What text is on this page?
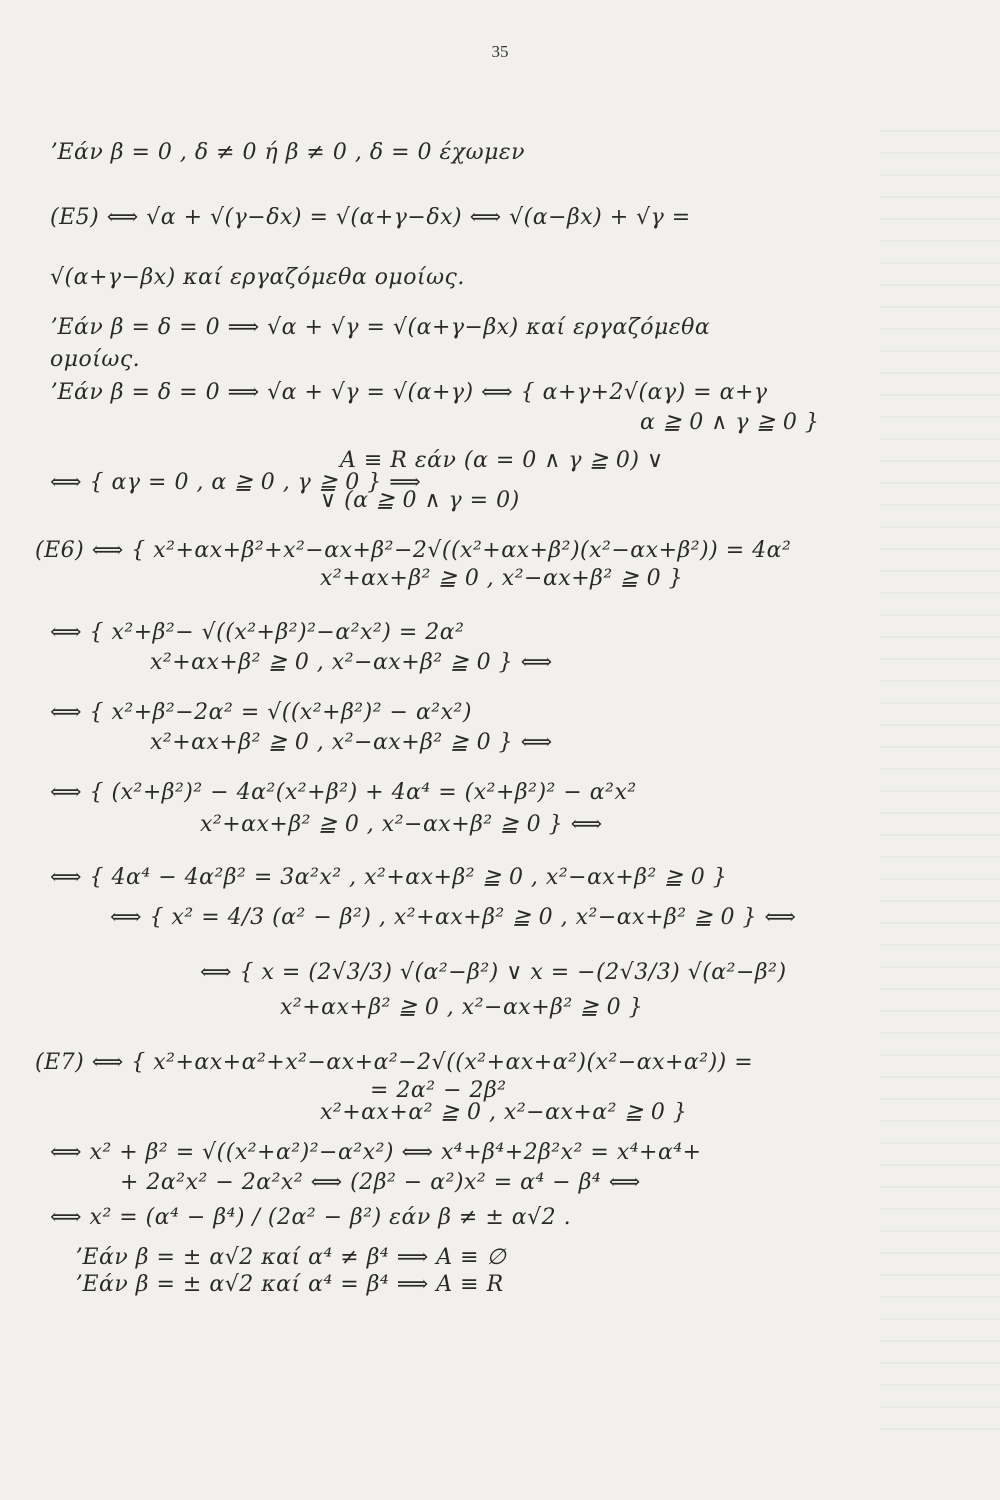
35
ʼΕάν β = 0 , δ ≠ 0 ή β ≠ 0 , δ = 0 έχωμεν
(Ε5) ⟺ √α + √(γ−δx) = √(α+γ−δx) ⟺ √(α−βx) + √γ =
√(α+γ−βx) καί εργαζόμεθα ομοίως.
ʼΕάν β = δ = 0 ⟹ √α + √γ = √(α+γ−βx) καί εργαζόμεθα
ομοίως.
ʼΕάν β = δ = 0 ⟹ √α + √γ = √(α+γ) ⟺ { α+γ+2√(αγ) = α+γ
α ≧ 0 ∧ γ ≧ 0 }
A ≡ R εάν (α = 0 ∧ γ ≧ 0) ∨
⟺ { αγ = 0 , α ≧ 0 , γ ≧ 0 } ⟹
∨ (α ≧ 0 ∧ γ = 0)
(Ε6) ⟺ { x²+αx+β²+x²−αx+β²−2√((x²+αx+β²)(x²−αx+β²)) = 4α²
x²+αx+β² ≧ 0 , x²−αx+β² ≧ 0 }
⟺ { x²+β²− √((x²+β²)²−α²x²) = 2α²
x²+αx+β² ≧ 0 , x²−αx+β² ≧ 0 } ⟺
⟺ { x²+β²−2α² = √((x²+β²)² − α²x²)
x²+αx+β² ≧ 0 , x²−αx+β² ≧ 0 } ⟺
⟺ { (x²+β²)² − 4α²(x²+β²) + 4α⁴ = (x²+β²)² − α²x²
x²+αx+β² ≧ 0 , x²−αx+β² ≧ 0 } ⟺
⟺ { 4α⁴ − 4α²β² = 3α²x² , x²+αx+β² ≧ 0 , x²−αx+β² ≧ 0 }
⟺ { x² = 4/3 (α² − β²) , x²+αx+β² ≧ 0 , x²−αx+β² ≧ 0 } ⟺
⟺ { x = (2√3/3) √(α²−β²) ∨ x = −(2√3/3) √(α²−β²)
x²+αx+β² ≧ 0 , x²−αx+β² ≧ 0 }
(Ε7) ⟺ { x²+αx+α²+x²−αx+α²−2√((x²+αx+α²)(x²−αx+α²)) =
= 2α² − 2β²
x²+αx+α² ≧ 0 , x²−αx+α² ≧ 0 }
⟺ x² + β² = √((x²+α²)²−α²x²) ⟺ x⁴+β⁴+2β²x² = x⁴+α⁴+
+ 2α²x² − 2α²x² ⟺ (2β² − α²)x² = α⁴ − β⁴ ⟺
⟺ x² = (α⁴ − β⁴) / (2α² − β²) εάν β ≠ ± α√2 .
ʼΕάν β = ± α√2 καί α⁴ ≠ β⁴ ⟹ A ≡ ∅
ʼΕάν β = ± α√2 καί α⁴ = β⁴ ⟹ A ≡ R
